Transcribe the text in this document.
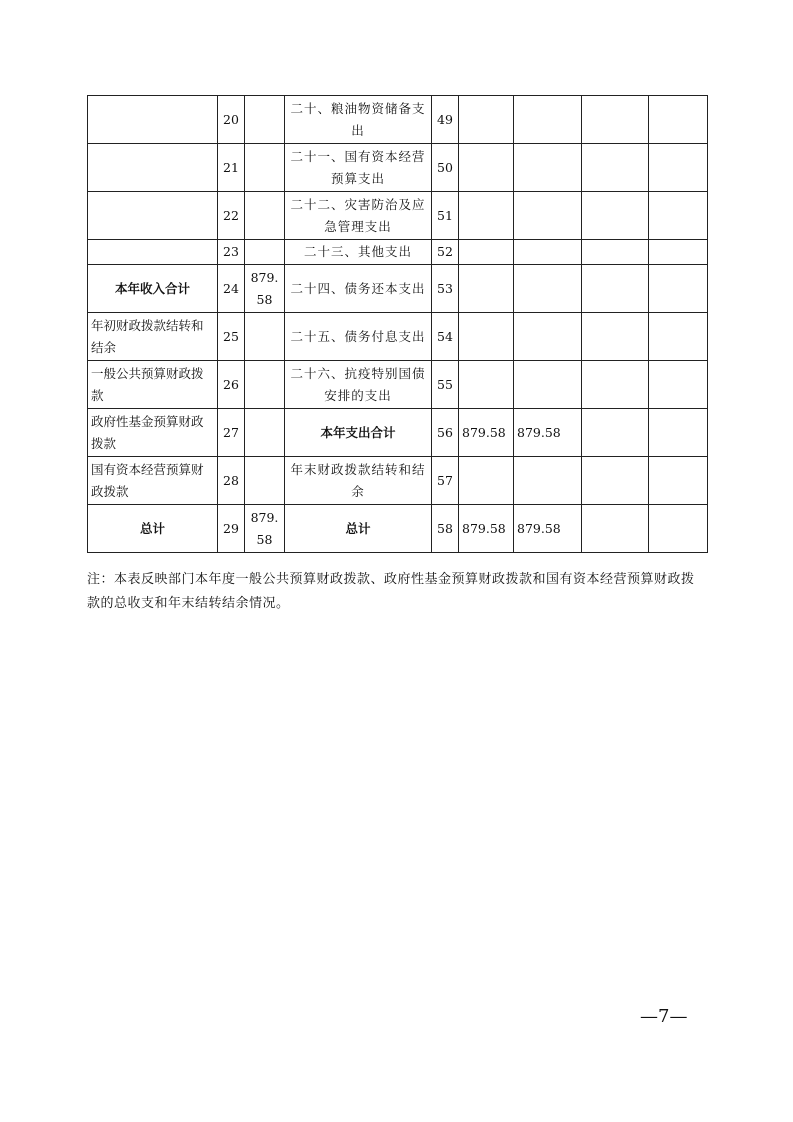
	20		二十、粮油物资储备支出	49				
	21		二十一、国有资本经营预算支出	50				
	22		二十二、灾害防治及应急管理支出	51				
	23		二十三、其他支出	52				
本年收入合计	24	879.58	二十四、债务还本支出	53				
年初财政拨款结转和结余	25		二十五、债务付息支出	54				
一般公共预算财政拨款	26		二十六、抗疫特别国债安排的支出	55				
政府性基金预算财政拨款	27		本年支出合计	56	879.58	879.58		
国有资本经营预算财政拨款	28		年末财政拨款结转和结余	57				
总计	29	879.58	总计	58	879.58	879.58		
注：本表反映部门本年度一般公共预算财政拨款、政府性基金预算财政拨款和国有资本经营预算财政拨款的总收支和年末结转结余情况。
—7—
